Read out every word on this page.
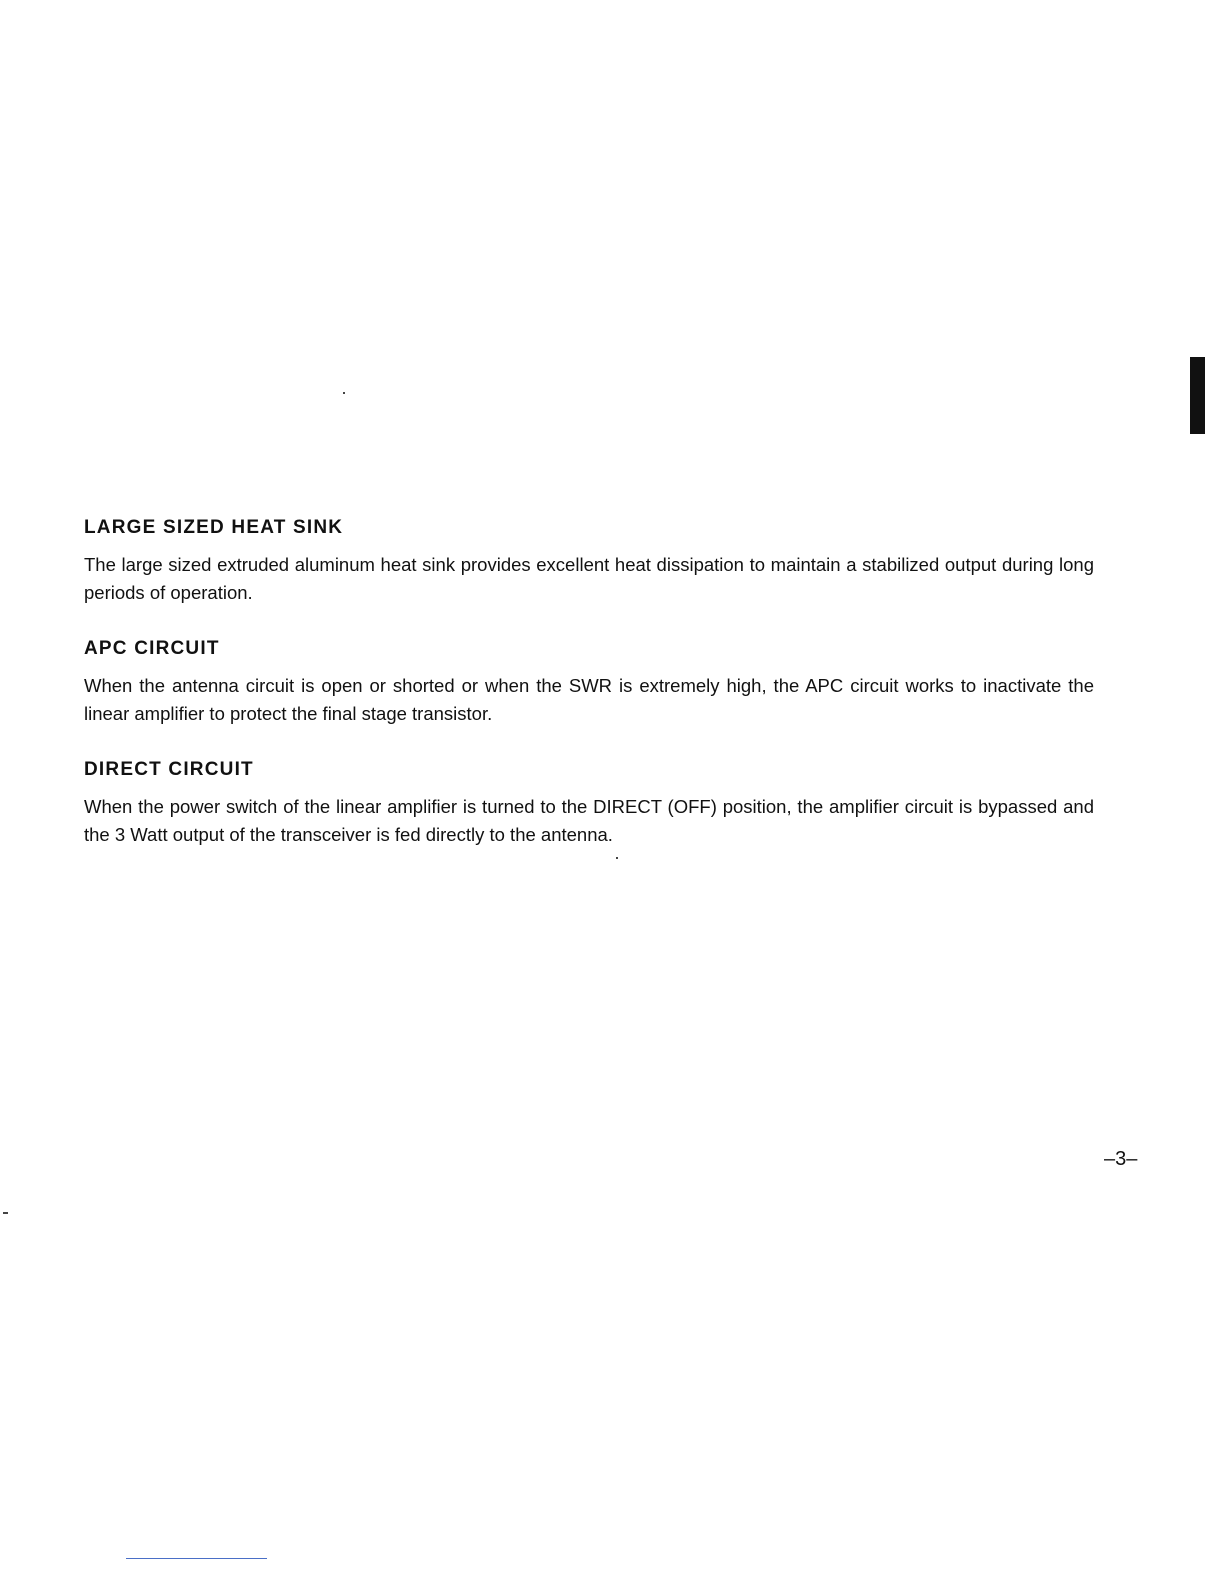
LARGE SIZED HEAT SINK

The large sized extruded aluminum heat sink provides excellent heat dissipation to maintain a stabilized output during long periods of operation.

APC CIRCUIT

When the antenna circuit is open or shorted or when the SWR is extremely high, the APC circuit works to inactivate the linear amplifier to protect the final stage transistor.

DIRECT CIRCUIT

When the power switch of the linear amplifier is turned to the DIRECT (OFF) position, the amplifier circuit is bypassed and the 3 Watt output of the transceiver is fed directly to the antenna.

–3–
